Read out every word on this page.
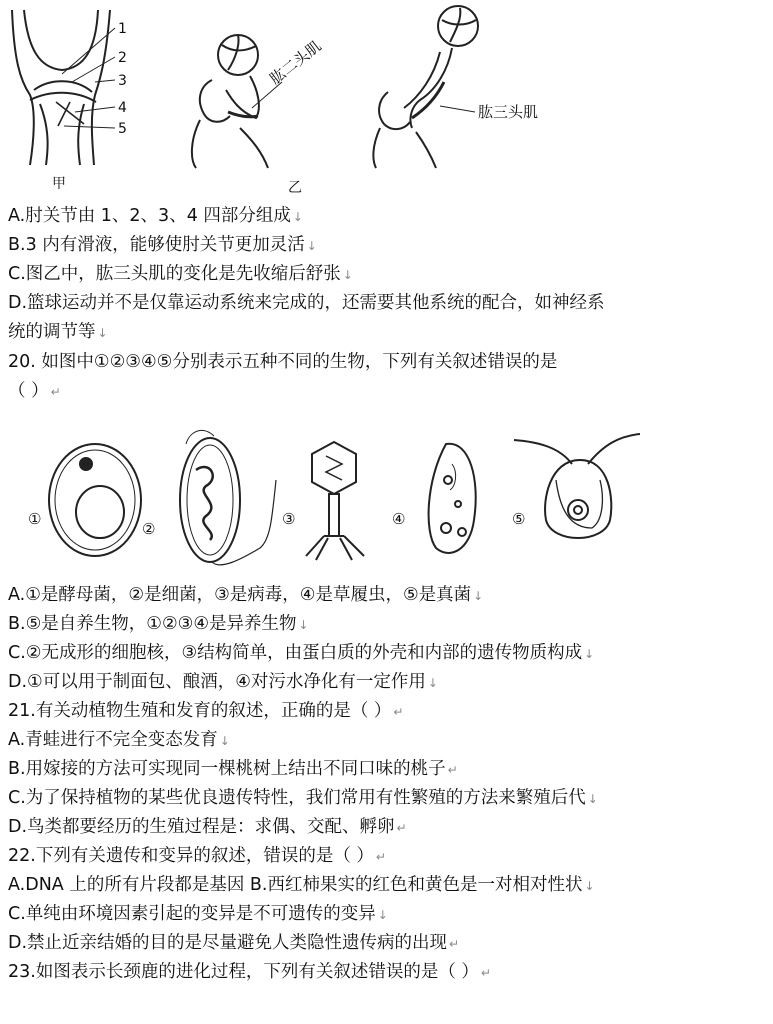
1
2
3
4
5
甲
肱二头肌
肱三头肌
乙
A.肘关节由 1、2、3、4 四部分组成 ↓
B.3 内有滑液，能够使肘关节更加灵活 ↓
C.图乙中，肱三头肌的变化是先收缩后舒张 ↓
D.篮球运动并不是仅靠运动系统来完成的，还需要其他系统的配合，如神经系
统的调节等 ↓
20. 如图中①②③④⑤分别表示五种不同的生物，下列有关叙述错误的是
（ ） ↵
①
②
③	④	⑤
A.①是酵母菌，②是细菌，③是病毒，④是草履虫，⑤是真菌 ↓
B.⑤是自养生物，①②③④是异养生物 ↓
C.②无成形的细胞核，③结构简单，由蛋白质的外壳和内部的遗传物质构成 ↓
D.①可以用于制面包、酿酒，④对污水净化有一定作用 ↓
21.有关动植物生殖和发育的叙述，正确的是（ ） ↵
A.青蛙进行不完全变态发育 ↓
B.用嫁接的方法可实现同一棵桃树上结出不同口味的桃子 ↵
C.为了保持植物的某些优良遗传特性，我们常用有性繁殖的方法来繁殖后代 ↓
D.鸟类都要经历的生殖过程是：求偶、交配、孵卵 ↵
22.下列有关遗传和变异的叙述，错误的是（ ） ↵
A.DNA 上的所有片段都是基因 B.西红柿果实的红色和黄色是一对相对性状 ↓
C.单纯由环境因素引起的变异是不可遗传的变异 ↓
D.禁止近亲结婚的目的是尽量避免人类隐性遗传病的出现 ↵
23.如图表示长颈鹿的进化过程，下列有关叙述错误的是（ ） ↵
